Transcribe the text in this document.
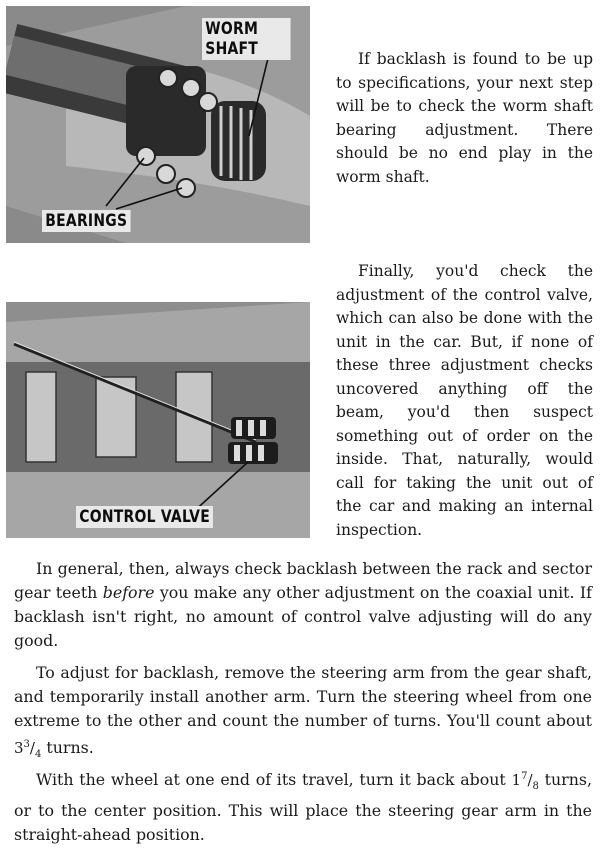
WORM SHAFT
BEARINGS

If backlash is found to be up to specifications, your next step will be to check the worm shaft bearing adjustment. There should be no end play in the worm shaft.

CONTROL VALVE

Finally, you'd check the adjustment of the control valve, which can also be done with the unit in the car. But, if none of these three adjustment checks uncovered anything off the beam, you'd then suspect something out of order on the inside. That, naturally, would call for taking the unit out of the car and making an internal inspection.

In general, then, always check backlash between the rack and sector gear teeth before you make any other adjustment on the coaxial unit. If backlash isn't right, no amount of control valve adjusting will do any good.

To adjust for backlash, remove the steering arm from the gear shaft, and temporarily install another arm. Turn the steering wheel from one extreme to the other and count the number of turns. You'll count about $3^3/_4$ turns.

With the wheel at one end of its travel, turn it back about $1^7/_8$ turns, or to the center position. This will place the steering gear arm in the straight-ahead position.
